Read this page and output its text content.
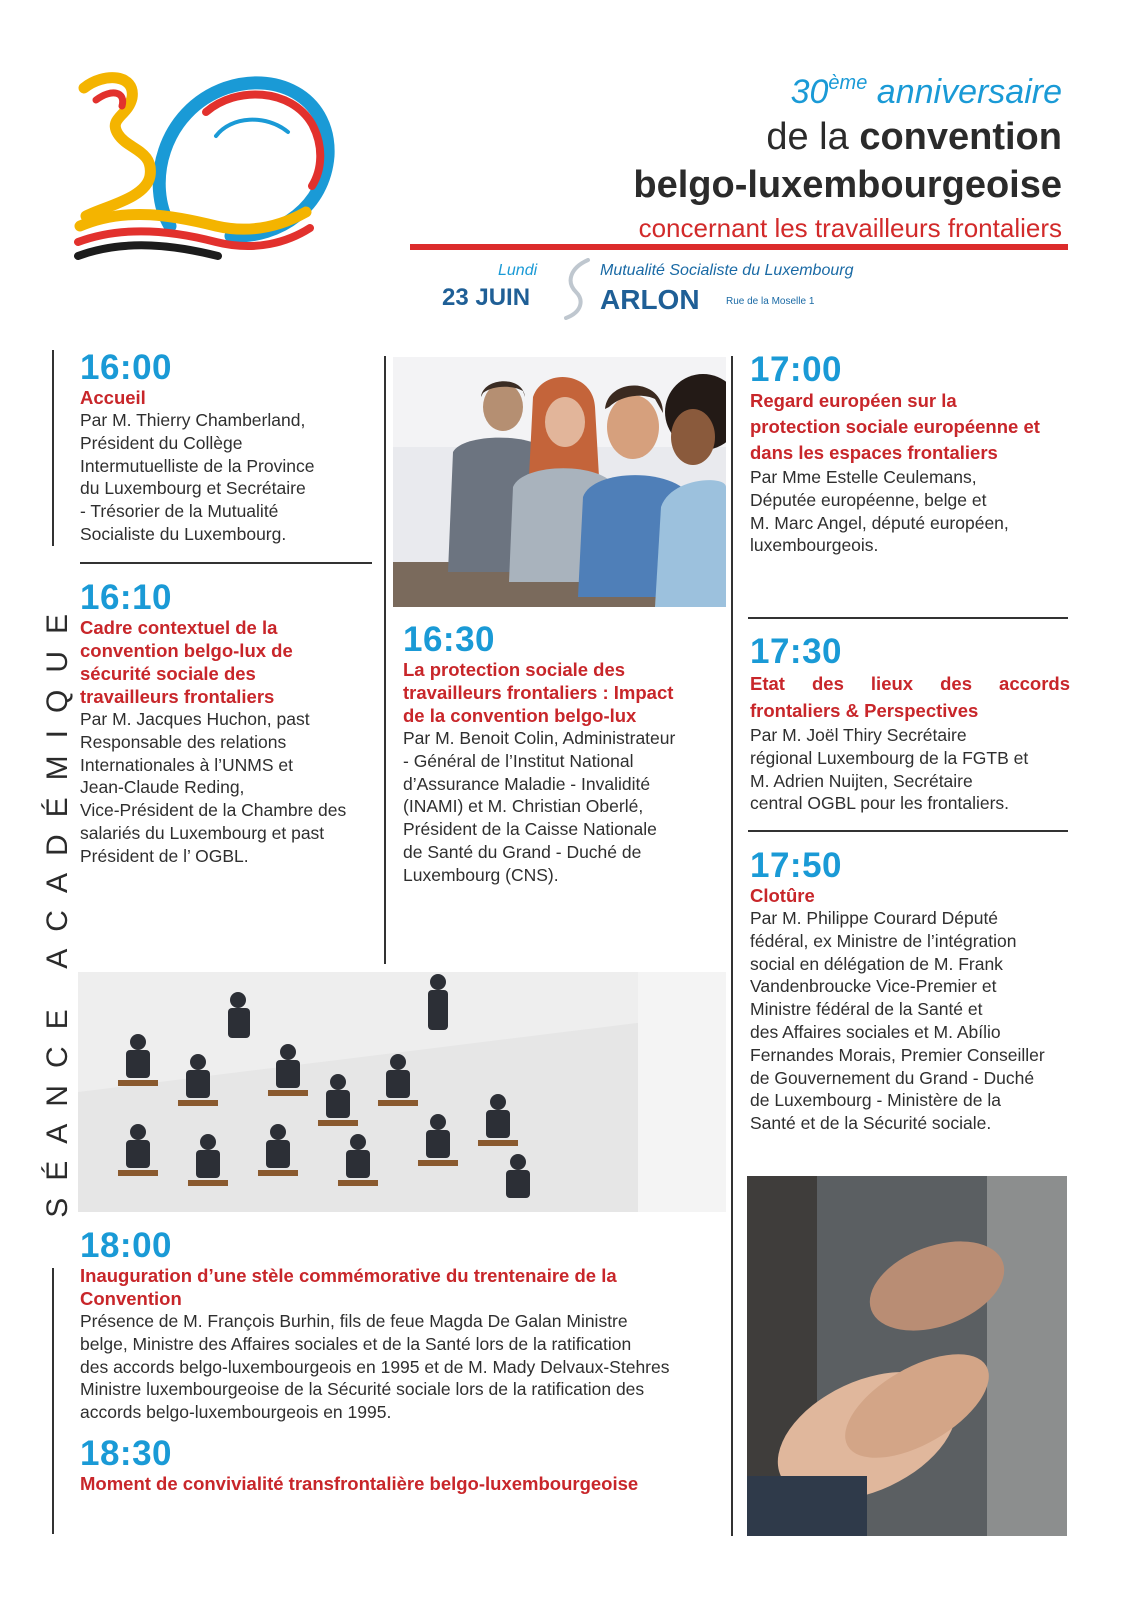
30ème anniversaire
de la convention
belgo-luxembourgeoise
concernant les travailleurs frontaliers
Lundi
23 JUIN
Mutualité Socialiste du Luxembourg
ARLON	Rue de la Moselle 1
SÉANCE ACADÉMIQUE
16:00
Accueil
Par M. Thierry Chamberland,
Président du Collège
Intermutuelliste de la Province
du Luxembourg et Secrétaire
- Trésorier de la Mutualité
Socialiste du Luxembourg.
16:10
Cadre contextuel de la
convention belgo-lux de
sécurité sociale des
travailleurs frontaliers
Par M. Jacques Huchon, past
Responsable des relations
Internationales à l’UNMS et
Jean-Claude Reding,
Vice-Président de la Chambre des
salariés du Luxembourg et past
Président de l’ OGBL.
16:30
La protection sociale des
travailleurs frontaliers : Impact
de la convention belgo-lux
Par M. Benoit Colin, Administrateur
- Général de l’Institut National
d’Assurance Maladie - Invalidité
(INAMI) et M. Christian Oberlé,
Président de la Caisse Nationale
de Santé du Grand - Duché de
Luxembourg (CNS).
17:00
Regard européen sur la
protection sociale européenne et
dans les espaces frontaliers
Par Mme Estelle Ceulemans,
Députée européenne, belge et
M. Marc Angel, député européen,
luxembourgeois.
17:30
Etat des lieux des accords
frontaliers & Perspectives
Par M. Joël Thiry Secrétaire
régional Luxembourg de la FGTB et
M. Adrien Nuijten, Secrétaire
central OGBL pour les frontaliers.
17:50
Clotûre
Par M. Philippe Courard Député
fédéral, ex Ministre de l’intégration
social en délégation de M. Frank
Vandenbroucke Vice-Premier et
Ministre fédéral de la Santé et
des Affaires sociales et M. Abílio
Fernandes Morais, Premier Conseiller
de Gouvernement du Grand - Duché
de Luxembourg - Ministère de la
Santé et de la Sécurité sociale.
18:00
Inauguration d’une stèle commémorative du trentenaire de la
Convention
Présence de M. François Burhin, fils de feue Magda De Galan Ministre
belge, Ministre des Affaires sociales et de la Santé lors de la ratification
des accords belgo-luxembourgeois en 1995 et de M. Mady Delvaux-Stehres
Ministre luxembourgeoise de la Sécurité sociale lors de la ratification des
accords belgo-luxembourgeois en 1995.
18:30
Moment de convivialité transfrontalière belgo-luxembourgeoise
